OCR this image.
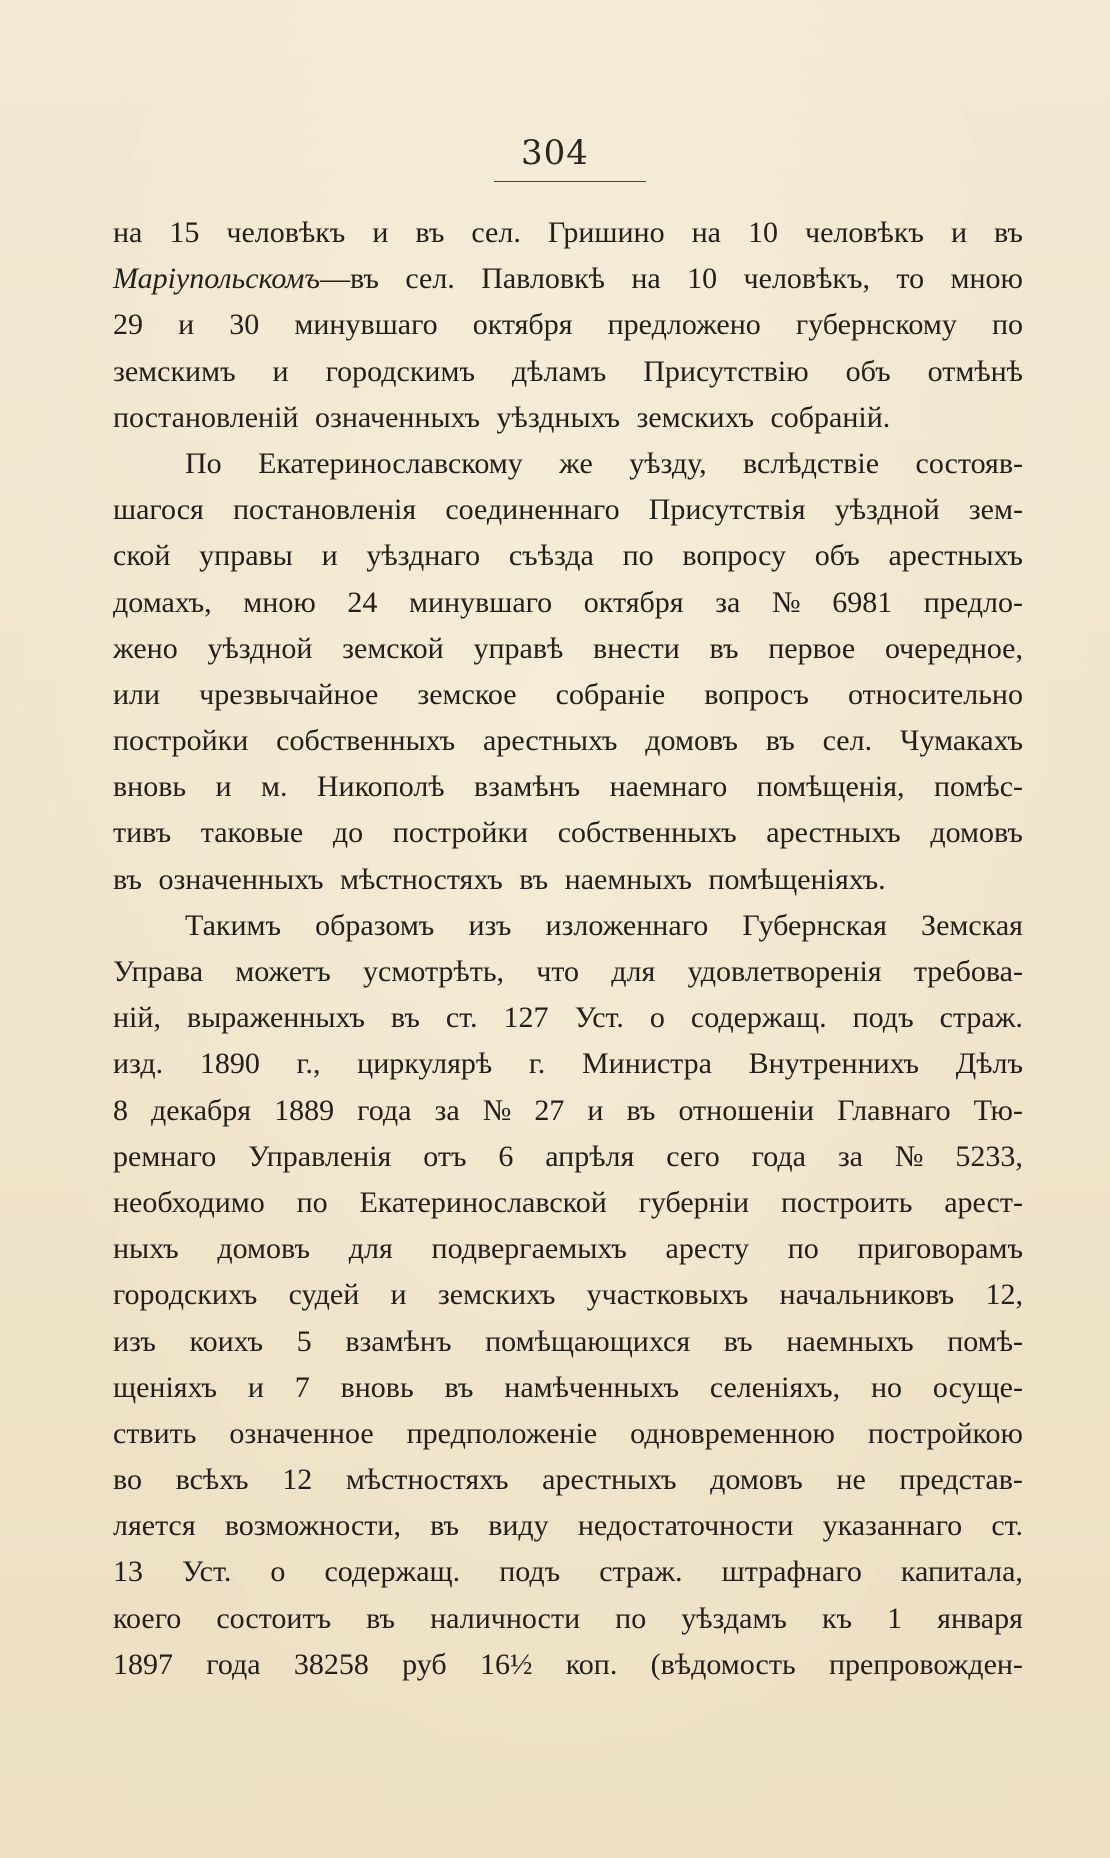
304
на 15 человѣкъ и въ сел. Гришино на 10 человѣкъ и въ
Маріупольскомъ—въ сел. Павловкѣ на 10 человѣкъ, то мною
29 и 30 минувшаго октября предложено губернскому по
земскимъ и городскимъ дѣламъ Присутствію объ отмѣнѣ
постановленій означенныхъ уѣздныхъ земскихъ собраній.
По Екатеринославскому же уѣзду, вслѣдствіе состояв-
шагося постановленія соединеннаго Присутствія уѣздной зем-
ской управы и уѣзднаго съѣзда по вопросу объ арестныхъ
домахъ, мною 24 минувшаго октября за № 6981 предло-
жено уѣздной земской управѣ внести въ первое очередное,
или чрезвычайное земское собраніе вопросъ относительно
постройки собственныхъ арестныхъ домовъ въ сел. Чумакахъ
вновь и м. Никополѣ взамѣнъ наемнаго помѣщенія, помѣс-
тивъ таковые до постройки собственныхъ арестныхъ домовъ
въ означенныхъ мѣстностяхъ въ наемныхъ помѣщеніяхъ.
Такимъ образомъ изъ изложеннаго Губернская Земская
Управа можетъ усмотрѣть, что для удовлетворенія требова-
ній, выраженныхъ въ ст. 127 Уст. о содержащ. подъ страж.
изд. 1890 г., циркулярѣ г. Министра Внутреннихъ Дѣлъ
8 декабря 1889 года за № 27 и въ отношеніи Главнаго Тю-
ремнаго Управленія отъ 6 апрѣля сего года за № 5233,
необходимо по Екатеринославской губерніи построить арест-
ныхъ домовъ для подвергаемыхъ аресту по приговорамъ
городскихъ судей и земскихъ участковыхъ начальниковъ 12,
изъ коихъ 5 взамѣнъ помѣщающихся въ наемныхъ помѣ-
щеніяхъ и 7 вновь въ намѣченныхъ селеніяхъ, но осуще-
ствить означенное предположеніе одновременною постройкою
во всѣхъ 12 мѣстностяхъ арестныхъ домовъ не представ-
ляется возможности, въ виду недостаточности указаннаго ст.
13 Уст. о содержащ. подъ страж. штрафнаго капитала,
коего состоитъ въ наличности по уѣздамъ къ 1 января
1897 года 38258 руб 16½ коп. (вѣдомость препровожден-
